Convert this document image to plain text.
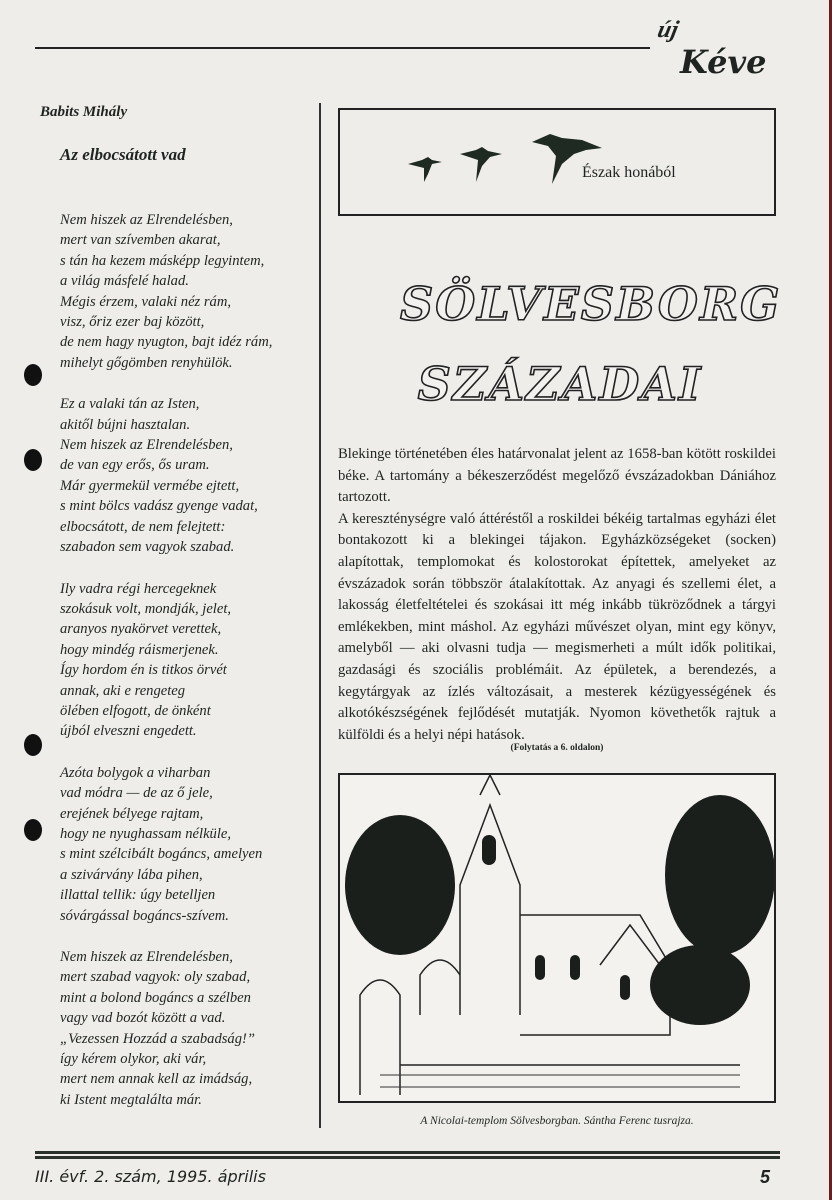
új
Kéve
Babits Mihály
Az elbocsátott vad
Nem hiszek az Elrendelésben,
mert van szívemben akarat,
s tán ha kezem másképp legyintem,
a világ másfelé halad.
Mégis érzem, valaki néz rám,
visz, őriz ezer baj között,
de nem hagy nyugton, bajt idéz rám,
mihelyt gőgömben renyhülök.
Ez a valaki tán az Isten,
akitől bújni hasztalan.
Nem hiszek az Elrendelésben,
de van egy erős, ős uram.
Már gyermekül vermébe ejtett,
s mint bölcs vadász gyenge vadat,
elbocsátott, de nem felejtett:
szabadon sem vagyok szabad.
Ily vadra régi hercegeknek
szokásuk volt, mondják, jelet,
aranyos nyakörvet verettek,
hogy mindég ráismerjenek.
Így hordom én is titkos örvét
annak, aki e rengeteg
ölében elfogott, de önként
újból elveszni engedett.
Azóta bolygok a viharban
vad módra — de az ő jele,
erejének bélyege rajtam,
hogy ne nyughassam nélküle,
s mint szélcibált bogáncs, amelyen
a szivárvány lába pihen,
illattal tellik: úgy betelljen
sóvárgással bogáncs-szívem.
Nem hiszek az Elrendelésben,
mert szabad vagyok: oly szabad,
mint a bolond bogáncs a szélben
vagy vad bozót között a vad.
„Vezessen Hozzád a szabadság!”
így kérem olykor, aki vár,
mert nem annak kell az imádság,
ki Istent megtalálta már.
Észak honából
SÖLVESBORG
SZÁZADAI

Blekinge történetében éles határvonalat jelent az 1658-ban kötött roskildei béke. A tartomány a békeszerződést megelőző évszázadokban Dániához tartozott.

A kereszténységre való áttéréstől a roskildei békéig tartalmas egyházi élet bontakozott ki a blekingei tájakon. Egyházközségeket (socken) alapítottak, templomokat és kolostorokat építettek, amelyeket az évszázadok során többször átalakítottak. Az anyagi és szellemi élet, a lakosság életfeltételei és szokásai itt még inkább tükröződnek a tárgyi emlékekben, mint máshol. Az egyházi művészet olyan, mint egy könyv, amelyből — aki olvasni tudja — megismerheti a múlt idők politikai, gazdasági és szociális problémáit. Az épületek, a berendezés, a kegytárgyak az ízlés változásait, a mesterek kézügyességének és alkotókészségének fejlődését mutatják. Nyomon követhetők rajtuk a külföldi és a helyi népi hatások.

(Folytatás a 6. oldalon)
A Nicolai-templom Sölvesborgban. Sántha Ferenc tusrajza.
III. évf. 2. szám, 1995. április	5
